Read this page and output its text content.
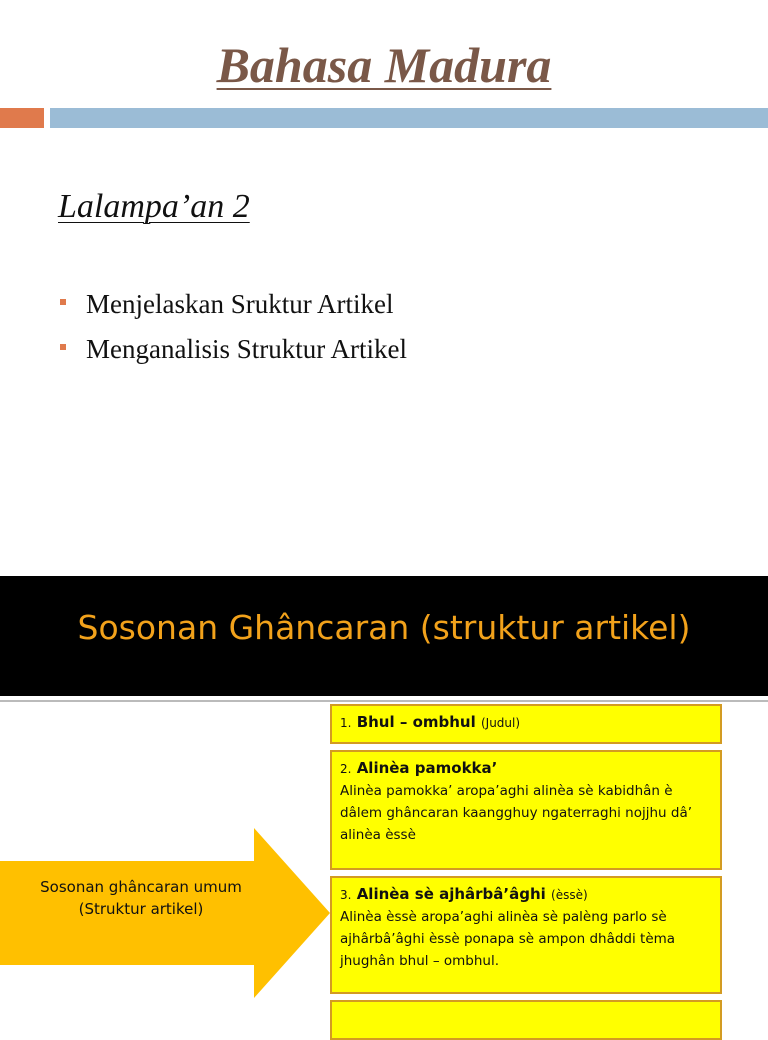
Bahasa Madura
Lalampa’an 2
Menjelaskan Sruktur Artikel
Menganalisis Struktur Artikel
Sosonan Ghâncaran (struktur artikel)
Sosonan ghâncaran umum
(Struktur artikel)
1. Bhul – ombhul (Judul)
2. Alinèa pamokka’
Alinèa pamokka’ aropa’aghi alinèa sè kabidhân è dâlem ghâncaran kaangghuy ngaterraghi nojjhu dâ’ alinèa èssè
3. Alinèa sè ajhârbâ’âghi (èssè)
Alinèa èssè aropa’aghi alinèa sè palèng parlo sè ajhârbâ’âghi èssè ponapa sè ampon dhâddi tèma jhughân bhul – ombhul.
